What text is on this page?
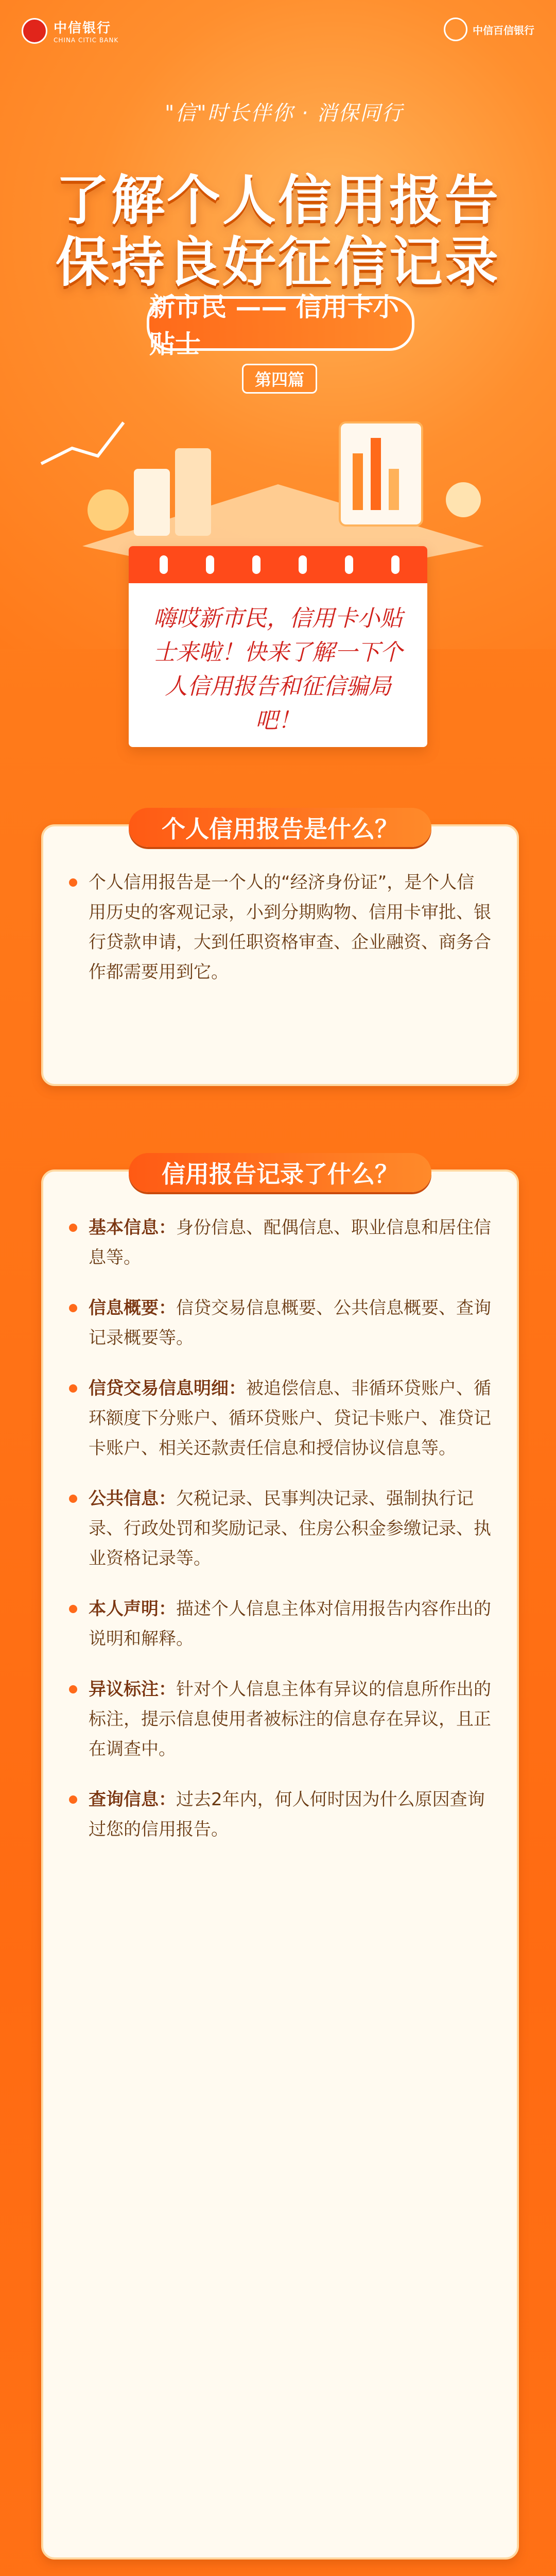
中信银行
CHINA CITIC BANK
中信百信银行
"信"时长伴你 · 消保同行
了解个人信用报告
保持良好征信记录
新市民 —— 信用卡小贴士
第四篇
嗨哎新市民，信用卡小贴士来啦！快来了解一下个人信用报告和征信骗局吧！
个人信用报告是什么？
个人信用报告是一个人的“经济身份证”，是个人信用历史的客观记录，小到分期购物、信用卡审批、银行贷款申请，大到任职资格审查、企业融资、商务合作都需要用到它。
信用报告记录了什么？
基本信息：身份信息、配偶信息、职业信息和居住信息等。
信息概要：信贷交易信息概要、公共信息概要、查询记录概要等。
信贷交易信息明细：被追偿信息、非循环贷账户、循环额度下分账户、循环贷账户、贷记卡账户、准贷记卡账户、相关还款责任信息和授信协议信息等。
公共信息：欠税记录、民事判决记录、强制执行记录、行政处罚和奖励记录、住房公积金参缴记录、执业资格记录等。
本人声明：描述个人信息主体对信用报告内容作出的说明和解释。
异议标注：针对个人信息主体有异议的信息所作出的标注，提示信息使用者被标注的信息存在异议，且正在调查中。
查询信息：过去2年内，何人何时因为什么原因查询过您的信用报告。
